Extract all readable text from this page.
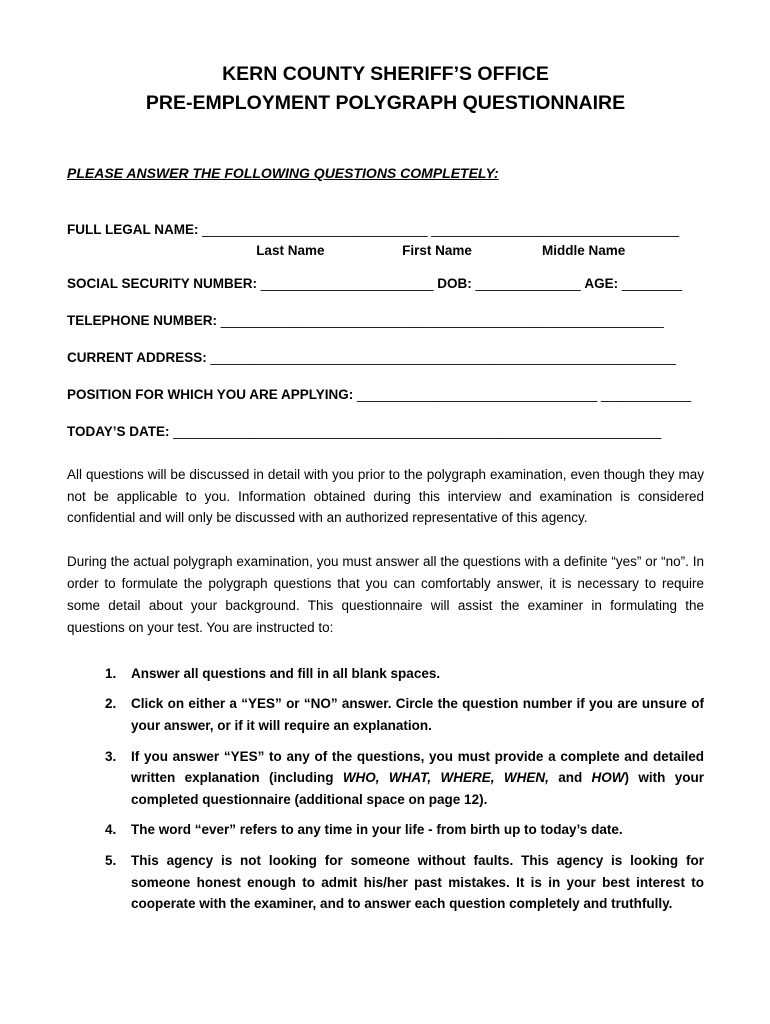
KERN COUNTY SHERIFF’S OFFICE
PRE-EMPLOYMENT POLYGRAPH QUESTIONNAIRE
PLEASE ANSWER THE FOLLOWING QUESTIONS COMPLETELY:
FULL LEGAL NAME: ______________________________ _________________________________
Last Name	First Name	Middle Name
SOCIAL SECURITY NUMBER: _______________________ DOB: ______________ AGE: ________
TELEPHONE NUMBER: ___________________________________________________________
CURRENT ADDRESS: ______________________________________________________________
POSITION FOR WHICH YOU ARE APPLYING: ________________________________ ____________
TODAY’S DATE: _________________________________________________________________

All questions will be discussed in detail with you prior to the polygraph examination, even though they may not be applicable to you. Information obtained during this interview and examination is considered confidential and will only be discussed with an authorized representative of this agency.

During the actual polygraph examination, you must answer all the questions with a definite “yes” or “no”. In order to formulate the polygraph questions that you can comfortably answer, it is necessary to require some detail about your background. This questionnaire will assist the examiner in formulating the questions on your test. You are instructed to:

1.	Answer all questions and fill in all blank spaces.
2.	Click on either a “YES” or “NO” answer. Circle the question number if you are unsure of your answer, or if it will require an explanation.
3.	If you answer “YES” to any of the questions, you must provide a complete and detailed written explanation (including WHO, WHAT, WHERE, WHEN, and HOW) with your completed questionnaire (additional space on page 12).
4.	The word “ever” refers to any time in your life - from birth up to today’s date.
5.	This agency is not looking for someone without faults. This agency is looking for someone honest enough to admit his/her past mistakes. It is in your best interest to cooperate with the examiner, and to answer each question completely and truthfully.
